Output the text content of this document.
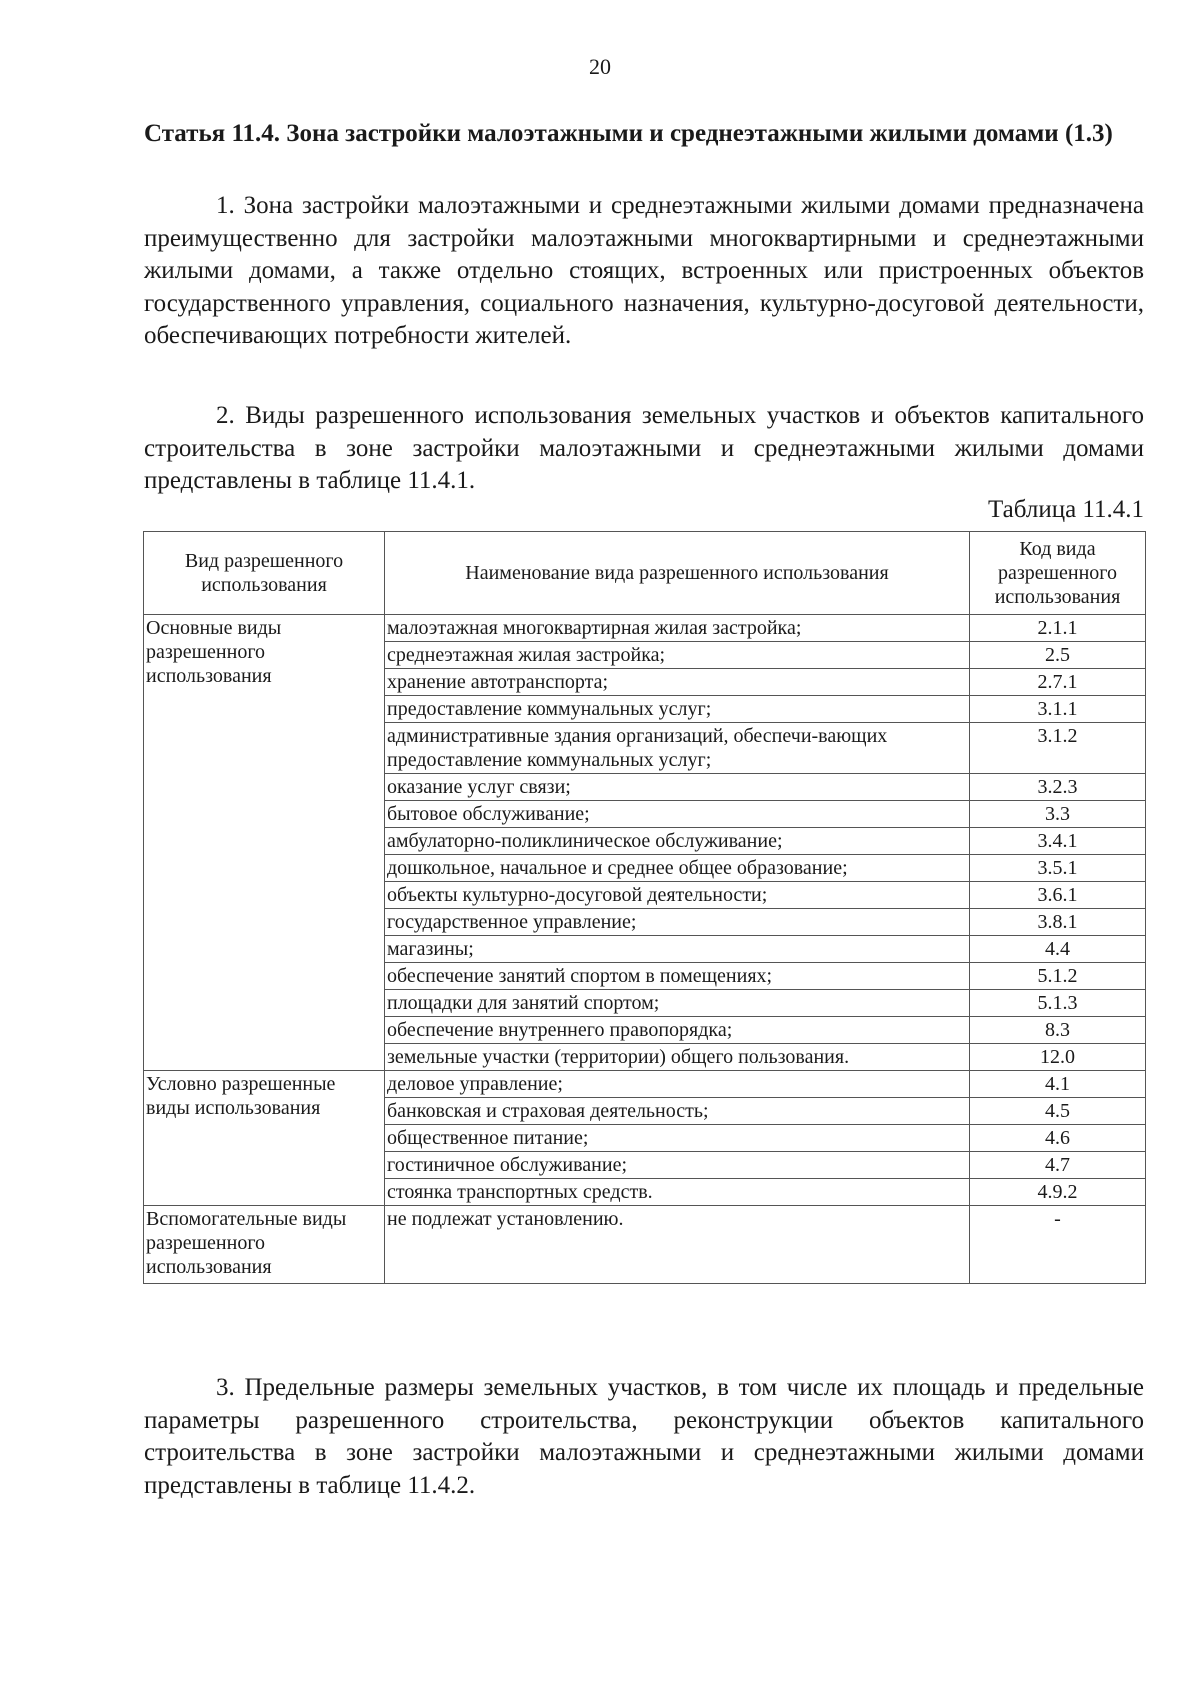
20
Статья 11.4. Зона застройки малоэтажными и среднеэтажными жилыми домами (1.3)

1. Зона застройки малоэтажными и среднеэтажными жилыми домами предназначена преимущественно для застройки малоэтажными многоквартирными и среднеэтажными жилыми домами, а также отдельно стоящих, встроенных или пристроенных объектов государственного управления, социального назначения, культурно-досуговой деятельности, обеспечивающих потребности жителей.

2. Виды разрешенного использования земельных участков и объектов капитального строительства в зоне застройки малоэтажными и среднеэтажными жилыми домами представлены в таблице 11.4.1.

Таблица 11.4.1
Вид разрешенного использования	Наименование вида разрешенного использования	Код вида разрешенного использования
Основные виды разрешенного использования	малоэтажная многоквартирная жилая застройка;	2.1.1
	среднеэтажная жилая застройка;	2.5
	хранение автотранспорта;	2.7.1
	предоставление коммунальных услуг;	3.1.1
	административные здания организаций, обеспечи-вающих предоставление коммунальных услуг;	3.1.2
	оказание услуг связи;	3.2.3
	бытовое обслуживание;	3.3
	амбулаторно-поликлиническое обслуживание;	3.4.1
	дошкольное, начальное и среднее общее образование;	3.5.1
	объекты культурно-досуговой деятельности;	3.6.1
	государственное управление;	3.8.1
	магазины;	4.4
	обеспечение занятий спортом в помещениях;	5.1.2
	площадки для занятий спортом;	5.1.3
	обеспечение внутреннего правопорядка;	8.3
	земельные участки (территории) общего пользования.	12.0
Условно разрешенные виды использования	деловое управление;	4.1
	банковская и страховая деятельность;	4.5
	общественное питание;	4.6
	гостиничное обслуживание;	4.7
	стоянка транспортных средств.	4.9.2
Вспомогательные виды разрешенного использования	не подлежат установлению.	-

3. Предельные размеры земельных участков, в том числе их площадь и предельные параметры разрешенного строительства, реконструкции объектов капитального строительства в зоне застройки малоэтажными и среднеэтажными жилыми домами представлены в таблице 11.4.2.
